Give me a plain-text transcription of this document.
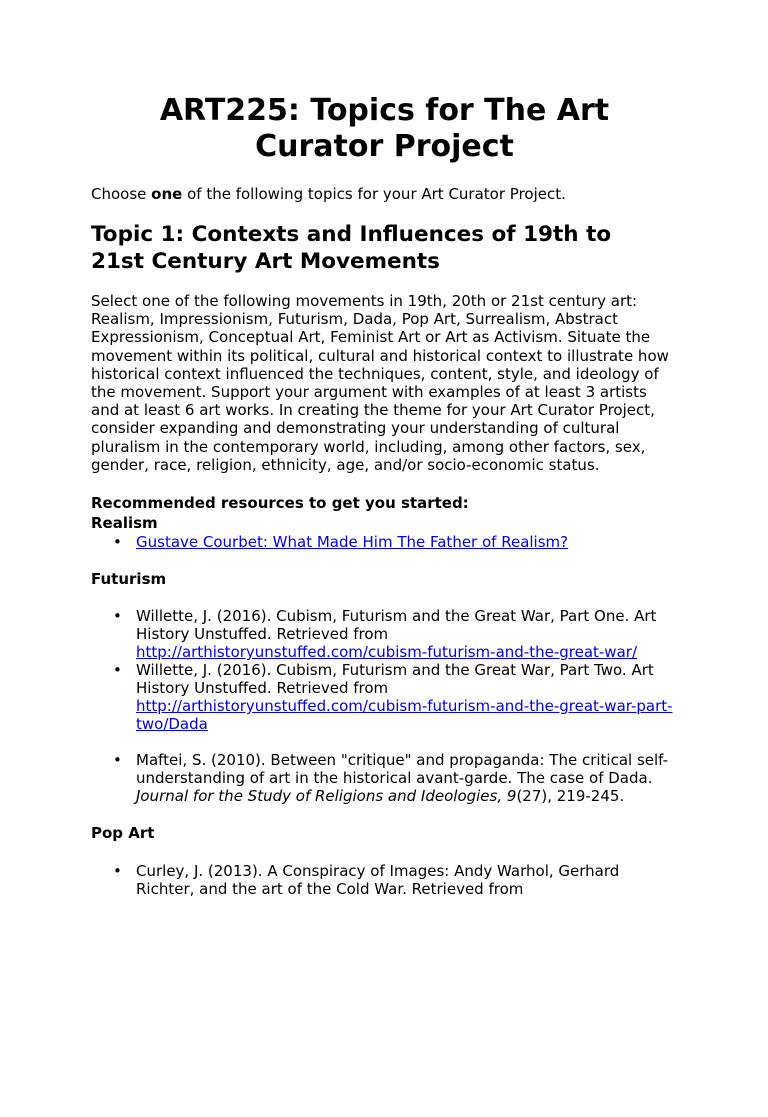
ART225: Topics for The Art
Curator Project

Choose one of the following topics for your Art Curator Project.

Topic 1: Contexts and Influences of 19th to
21st Century Art Movements

Select one of the following movements in 19th, 20th or 21st century art: Realism, Impressionism, Futurism, Dada, Pop Art, Surrealism, Abstract Expressionism, Conceptual Art, Feminist Art or Art as Activism. Situate the movement within its political, cultural and historical context to illustrate how historical context influenced the techniques, content, style, and ideology of the movement. Support your argument with examples of at least 3 artists and at least 6 art works. In creating the theme for your Art Curator Project, consider expanding and demonstrating your understanding of cultural pluralism in the contemporary world, including, among other factors, sex, gender, race, religion, ethnicity, age, and/or socio-economic status.

Recommended resources to get you started:
Realism
• Gustave Courbet: What Made Him The Father of Realism?
Futurism
• Willette, J. (2016). Cubism, Futurism and the Great War, Part One. Art History Unstuffed. Retrieved from http://arthistoryunstuffed.com/cubism-futurism-and-the-great-war/
• Willette, J. (2016). Cubism, Futurism and the Great War, Part Two. Art History Unstuffed. Retrieved from http://arthistoryunstuffed.com/cubism-futurism-and-the-great-war-part-two/Dada
• Maftei, S. (2010). Between "critique" and propaganda: The critical self-understanding of art in the historical avant-garde. The case of Dada. Journal for the Study of Religions and Ideologies, 9(27), 219-245.
Pop Art
• Curley, J. (2013). A Conspiracy of Images: Andy Warhol, Gerhard Richter, and the art of the Cold War. Retrieved from
